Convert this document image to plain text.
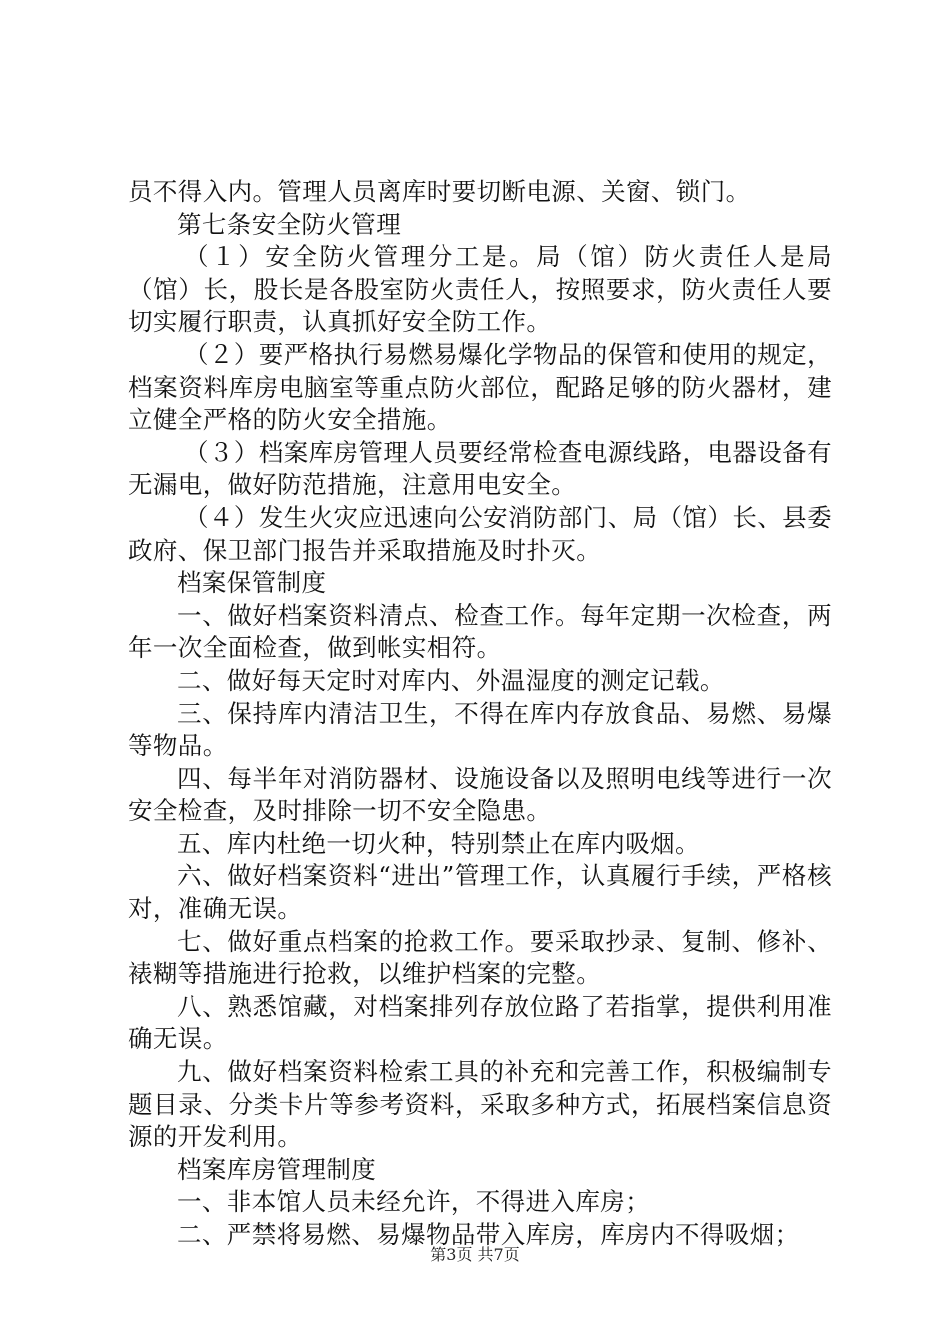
员不得入内。管理人员离库时要切断电源、关窗、锁门。

第七条安全防火管理

（１）安全防火管理分工是。局（馆）防火责任人是局（馆）长，股长是各股室防火责任人，按照要求，防火责任人要切实履行职责，认真抓好安全防工作。

（２）要严格执行易燃易爆化学物品的保管和使用的规定，档案资料库房电脑室等重点防火部位，配路足够的防火器材，建立健全严格的防火安全措施。

（３）档案库房管理人员要经常检查电源线路，电器设备有无漏电，做好防范措施，注意用电安全。

（４）发生火灾应迅速向公安消防部门、局（馆）长、县委政府、保卫部门报告并采取措施及时扑灭。

档案保管制度

一、做好档案资料清点、检查工作。每年定期一次检查，两年一次全面检查，做到帐实相符。

二、做好每天定时对库内、外温湿度的测定记载。

三、保持库内清洁卫生，不得在库内存放食品、易燃、易爆等物品。

四、每半年对消防器材、设施设备以及照明电线等进行一次安全检查，及时排除一切不安全隐患。

五、库内杜绝一切火种，特别禁止在库内吸烟。

六、做好档案资料“进出”管理工作，认真履行手续，严格核对，准确无误。

七、做好重点档案的抢救工作。要采取抄录、复制、修补、裱糊等措施进行抢救，以维护档案的完整。

八、熟悉馆藏，对档案排列存放位路了若指掌，提供利用准确无误。

九、做好档案资料检索工具的补充和完善工作，积极编制专题目录、分类卡片等参考资料，采取多种方式，拓展档案信息资源的开发利用。

档案库房管理制度

一、非本馆人员未经允许，不得进入库房；

二、严禁将易燃、易爆物品带入库房，库房内不得吸烟；

第3页 共7页
